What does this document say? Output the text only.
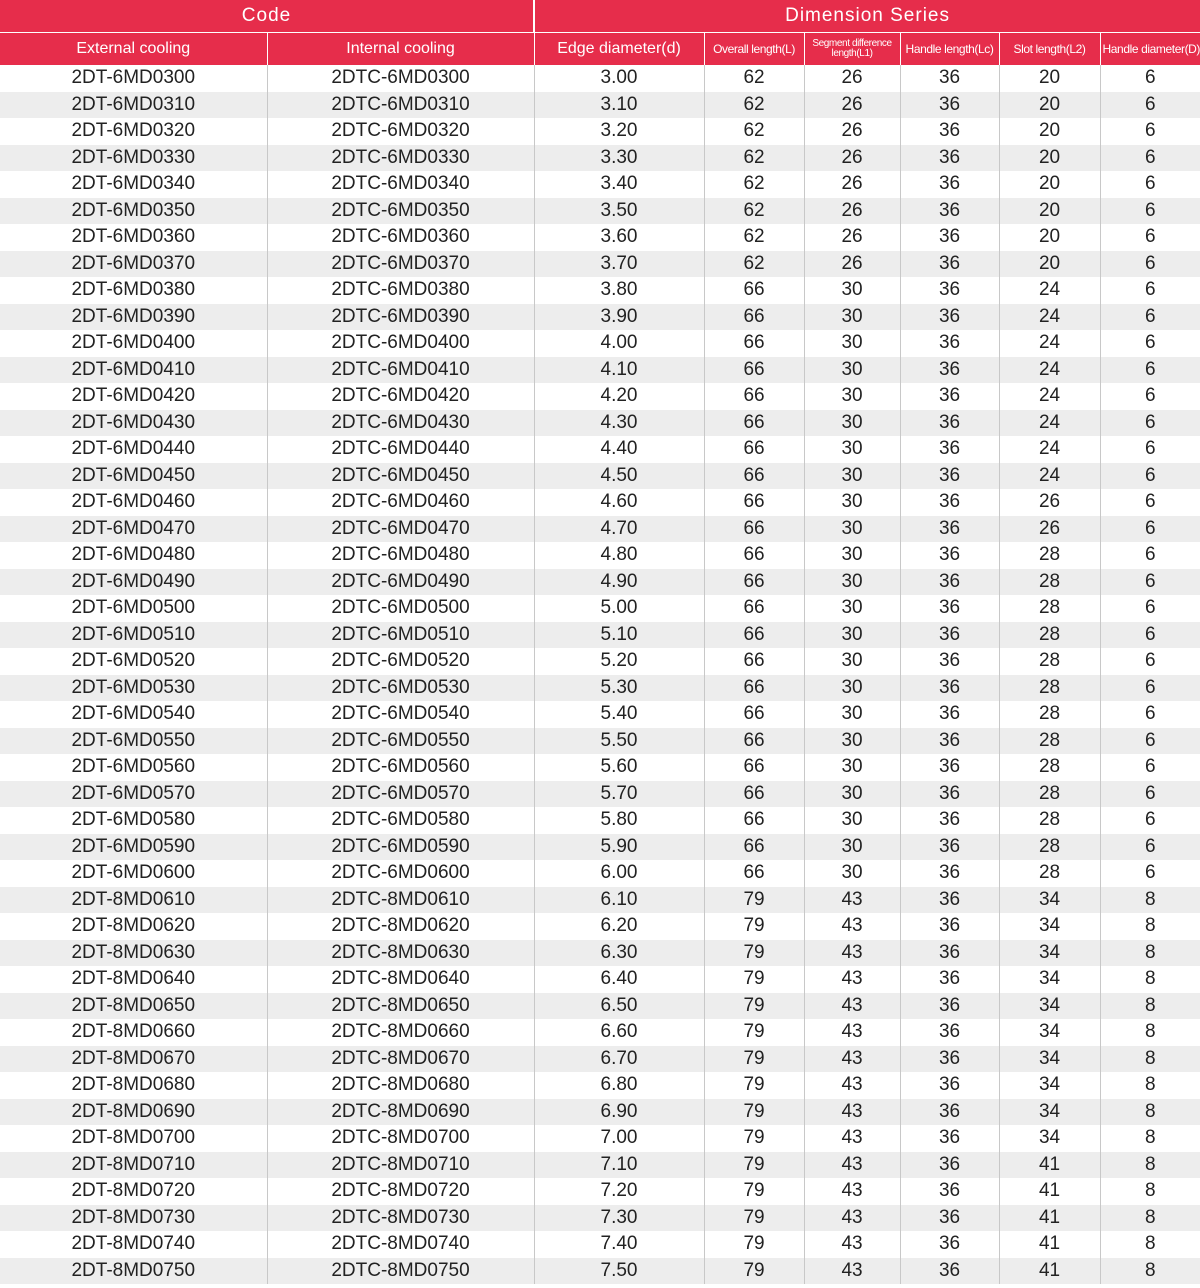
Code		Dimension Series					
External cooling	Internal cooling	Edge diameter(d)	Overall length(L)	Segment difference length(L1)	Handle length(Lc)	Slot length(L2)	Handle diameter(D)
2DT-6MD0300	2DTC-6MD0300	3.00	62	26	36	20	6
2DT-6MD0310	2DTC-6MD0310	3.10	62	26	36	20	6
2DT-6MD0320	2DTC-6MD0320	3.20	62	26	36	20	6
2DT-6MD0330	2DTC-6MD0330	3.30	62	26	36	20	6
2DT-6MD0340	2DTC-6MD0340	3.40	62	26	36	20	6
2DT-6MD0350	2DTC-6MD0350	3.50	62	26	36	20	6
2DT-6MD0360	2DTC-6MD0360	3.60	62	26	36	20	6
2DT-6MD0370	2DTC-6MD0370	3.70	62	26	36	20	6
2DT-6MD0380	2DTC-6MD0380	3.80	66	30	36	24	6
2DT-6MD0390	2DTC-6MD0390	3.90	66	30	36	24	6
2DT-6MD0400	2DTC-6MD0400	4.00	66	30	36	24	6
2DT-6MD0410	2DTC-6MD0410	4.10	66	30	36	24	6
2DT-6MD0420	2DTC-6MD0420	4.20	66	30	36	24	6
2DT-6MD0430	2DTC-6MD0430	4.30	66	30	36	24	6
2DT-6MD0440	2DTC-6MD0440	4.40	66	30	36	24	6
2DT-6MD0450	2DTC-6MD0450	4.50	66	30	36	24	6
2DT-6MD0460	2DTC-6MD0460	4.60	66	30	36	26	6
2DT-6MD0470	2DTC-6MD0470	4.70	66	30	36	26	6
2DT-6MD0480	2DTC-6MD0480	4.80	66	30	36	28	6
2DT-6MD0490	2DTC-6MD0490	4.90	66	30	36	28	6
2DT-6MD0500	2DTC-6MD0500	5.00	66	30	36	28	6
2DT-6MD0510	2DTC-6MD0510	5.10	66	30	36	28	6
2DT-6MD0520	2DTC-6MD0520	5.20	66	30	36	28	6
2DT-6MD0530	2DTC-6MD0530	5.30	66	30	36	28	6
2DT-6MD0540	2DTC-6MD0540	5.40	66	30	36	28	6
2DT-6MD0550	2DTC-6MD0550	5.50	66	30	36	28	6
2DT-6MD0560	2DTC-6MD0560	5.60	66	30	36	28	6
2DT-6MD0570	2DTC-6MD0570	5.70	66	30	36	28	6
2DT-6MD0580	2DTC-6MD0580	5.80	66	30	36	28	6
2DT-6MD0590	2DTC-6MD0590	5.90	66	30	36	28	6
2DT-6MD0600	2DTC-6MD0600	6.00	66	30	36	28	6
2DT-8MD0610	2DTC-8MD0610	6.10	79	43	36	34	8
2DT-8MD0620	2DTC-8MD0620	6.20	79	43	36	34	8
2DT-8MD0630	2DTC-8MD0630	6.30	79	43	36	34	8
2DT-8MD0640	2DTC-8MD0640	6.40	79	43	36	34	8
2DT-8MD0650	2DTC-8MD0650	6.50	79	43	36	34	8
2DT-8MD0660	2DTC-8MD0660	6.60	79	43	36	34	8
2DT-8MD0670	2DTC-8MD0670	6.70	79	43	36	34	8
2DT-8MD0680	2DTC-8MD0680	6.80	79	43	36	34	8
2DT-8MD0690	2DTC-8MD0690	6.90	79	43	36	34	8
2DT-8MD0700	2DTC-8MD0700	7.00	79	43	36	34	8
2DT-8MD0710	2DTC-8MD0710	7.10	79	43	36	41	8
2DT-8MD0720	2DTC-8MD0720	7.20	79	43	36	41	8
2DT-8MD0730	2DTC-8MD0730	7.30	79	43	36	41	8
2DT-8MD0740	2DTC-8MD0740	7.40	79	43	36	41	8
2DT-8MD0750	2DTC-8MD0750	7.50	79	43	36	41	8
